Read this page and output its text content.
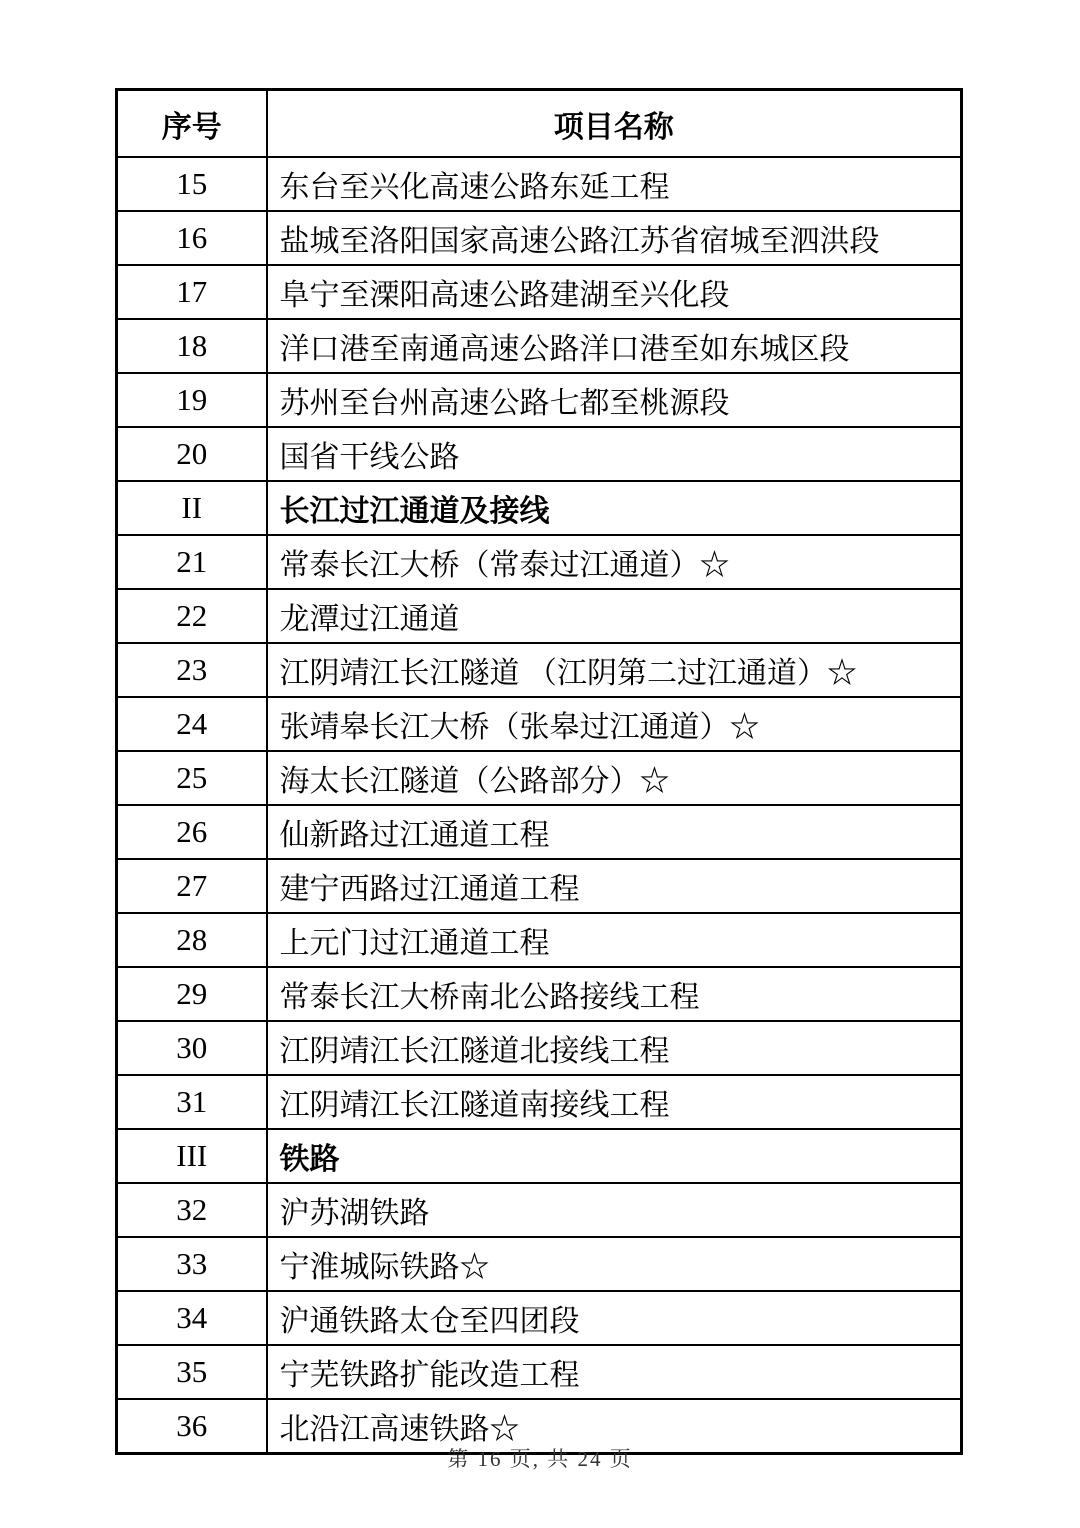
序号	项目名称
15	东台至兴化高速公路东延工程
16	盐城至洛阳国家高速公路江苏省宿城至泗洪段
17	阜宁至溧阳高速公路建湖至兴化段
18	洋口港至南通高速公路洋口港至如东城区段
19	苏州至台州高速公路七都至桃源段
20	国省干线公路
II	长江过江通道及接线
21	常泰长江大桥（常泰过江通道）☆
22	龙潭过江通道
23	江阴靖江长江隧道 （江阴第二过江通道）☆
24	张靖皋长江大桥（张皋过江通道）☆
25	海太长江隧道（公路部分）☆
26	仙新路过江通道工程
27	建宁西路过江通道工程
28	上元门过江通道工程
29	常泰长江大桥南北公路接线工程
30	江阴靖江长江隧道北接线工程
31	江阴靖江长江隧道南接线工程
III	铁路
32	沪苏湖铁路
33	宁淮城际铁路☆
34	沪通铁路太仓至四团段
35	宁芜铁路扩能改造工程
36	北沿江高速铁路☆
第 16 页, 共 24 页
